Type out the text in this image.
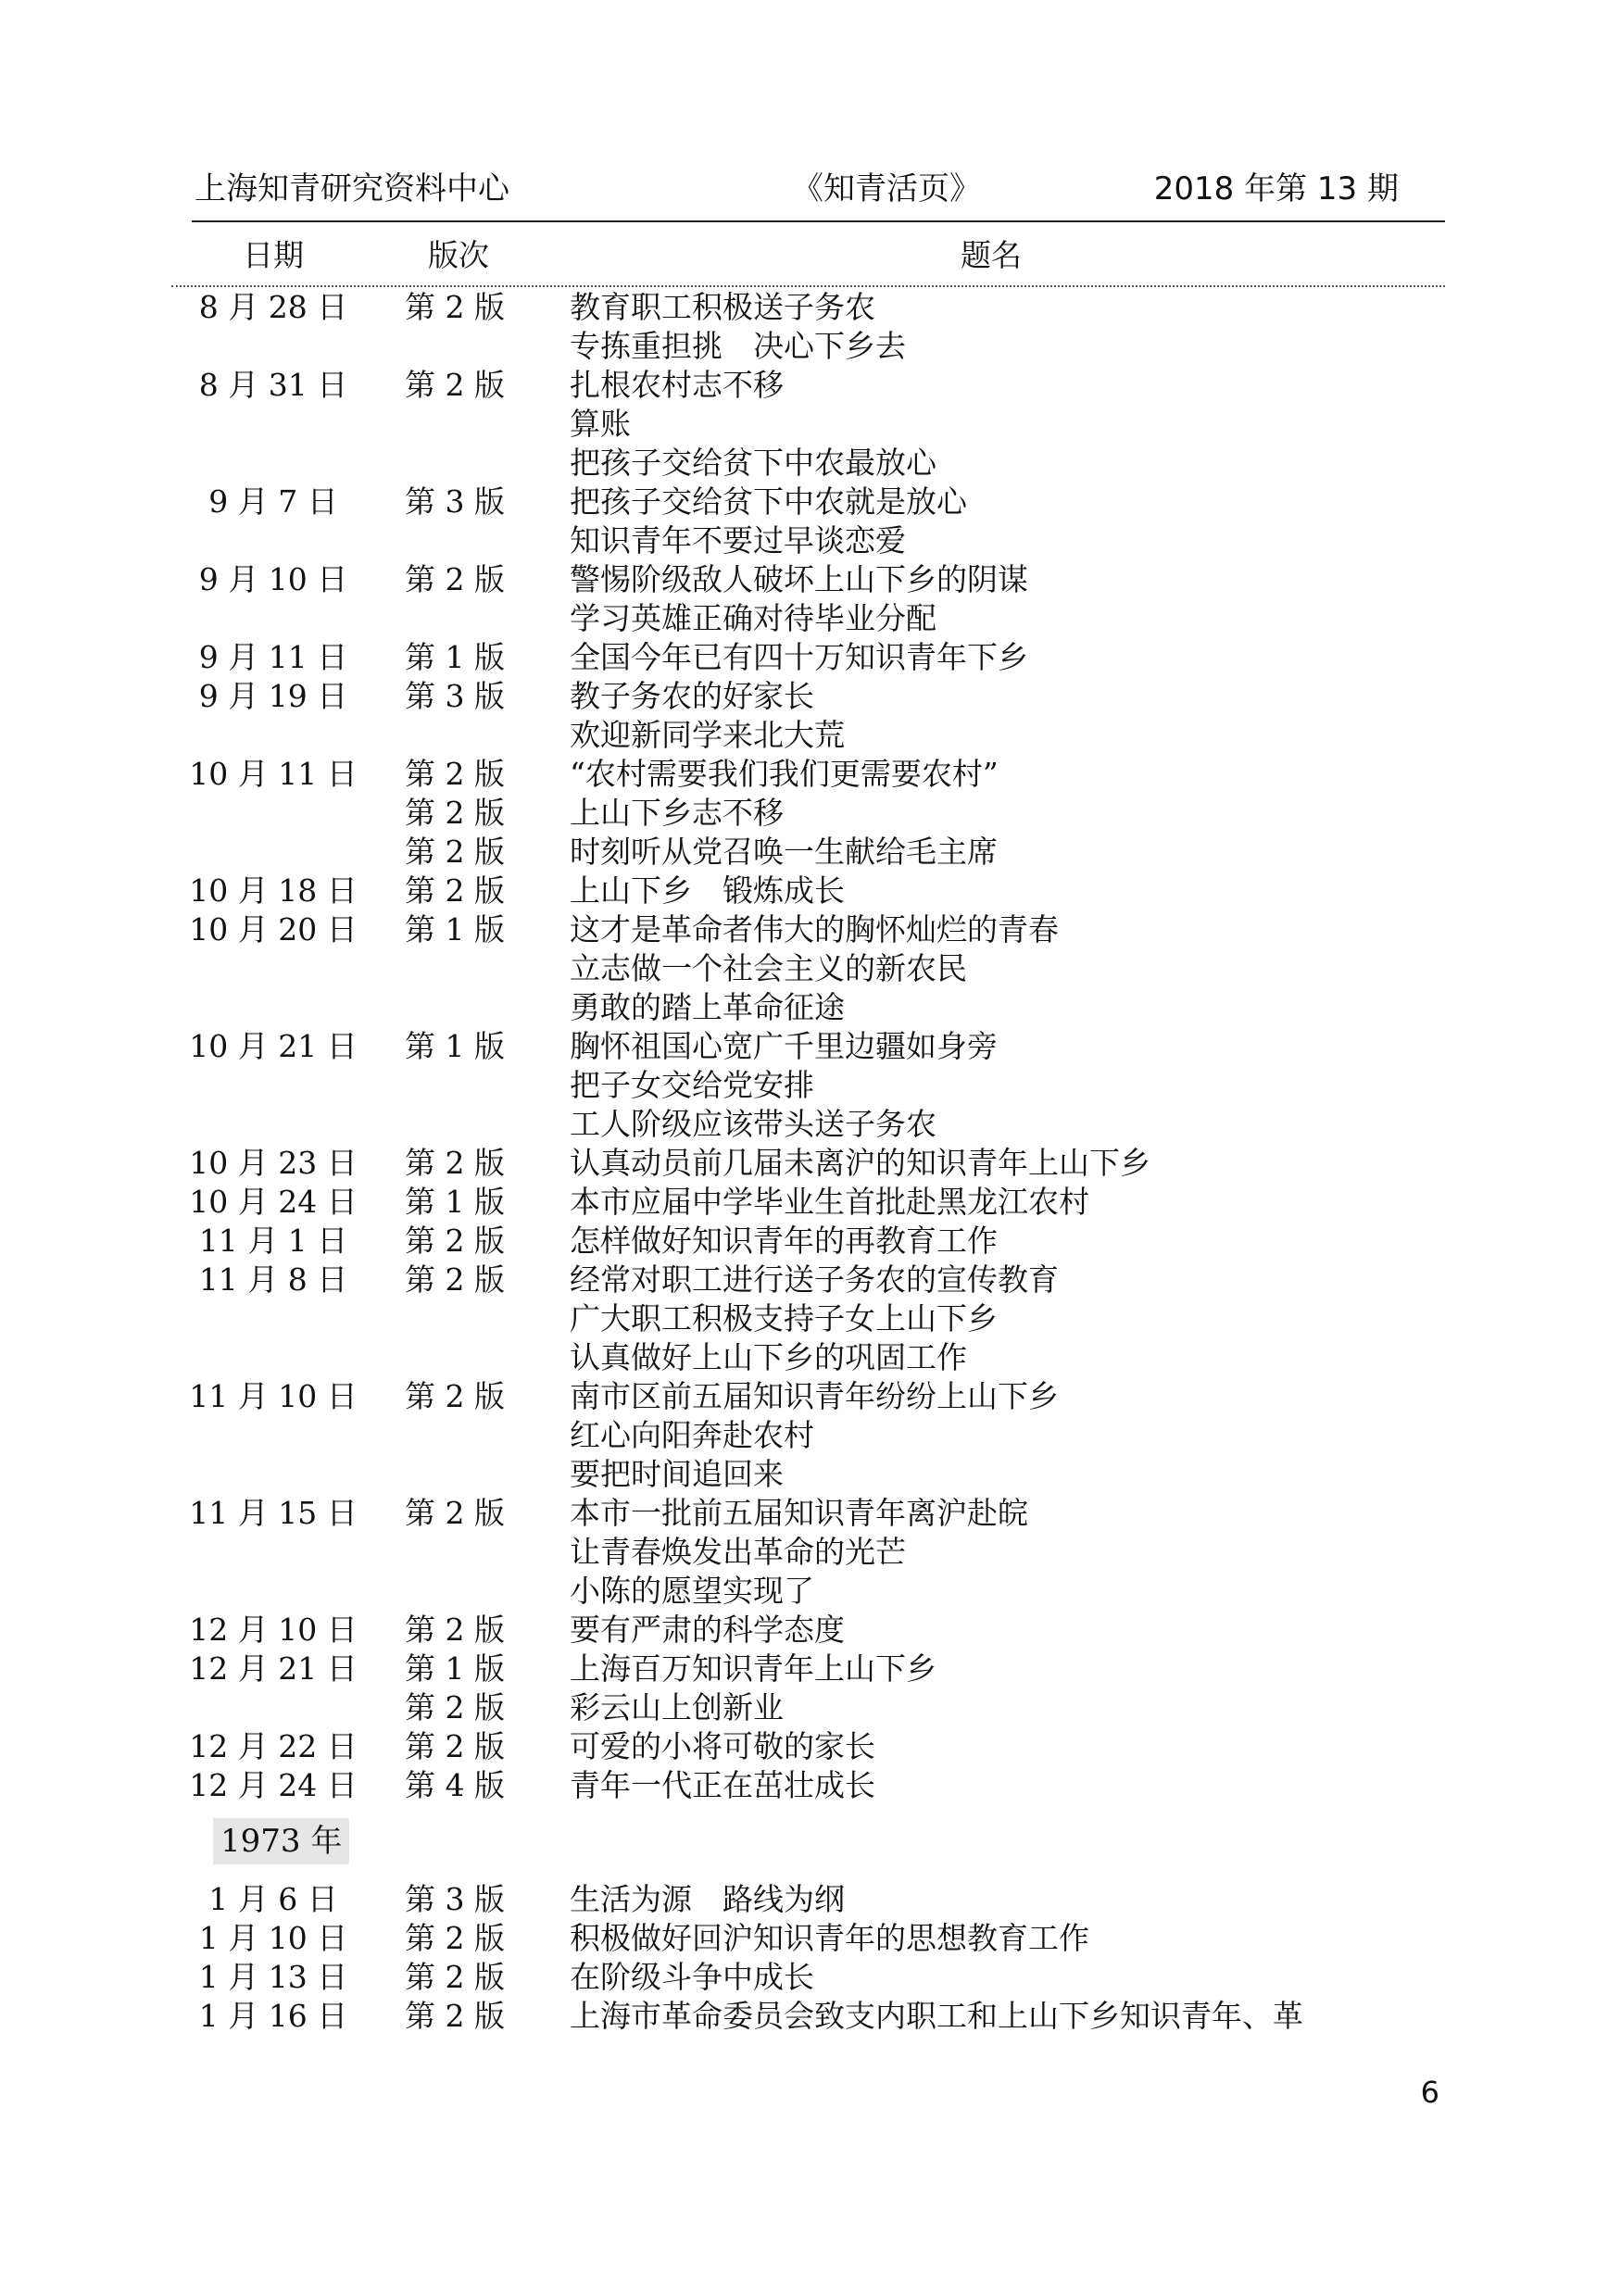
上海知青研究资料中心	《知青活页》	2018 年第 13 期
日期	版次	题名
8 月 28 日	第 2 版 教育职工积极送子务农
专拣重担挑　决心下乡去
8 月 31 日	第 2 版 扎根农村志不移
算账
把孩子交给贫下中农最放心
9 月 7 日	第 3 版 把孩子交给贫下中农就是放心
知识青年不要过早谈恋爱
9 月 10 日	第 2 版 警惕阶级敌人破坏上山下乡的阴谋
学习英雄正确对待毕业分配
9 月 11 日	第 1 版 全国今年已有四十万知识青年下乡
9 月 19 日	第 3 版 教子务农的好家长
欢迎新同学来北大荒
10 月 11 日 第 2 版 “农村需要我们我们更需要农村”
第 2 版 上山下乡志不移
第 2 版 时刻听从党召唤一生献给毛主席
10 月 18 日 第 2 版 上山下乡　锻炼成长
10 月 20 日 第 1 版 这才是革命者伟大的胸怀灿烂的青春
立志做一个社会主义的新农民
勇敢的踏上革命征途
10 月 21 日 第 1 版 胸怀祖国心宽广千里边疆如身旁
把子女交给党安排
工人阶级应该带头送子务农
10 月 23 日 第 2 版 认真动员前几届未离沪的知识青年上山下乡
10 月 24 日 第 1 版 本市应届中学毕业生首批赴黑龙江农村
11 月 1 日	第 2 版 怎样做好知识青年的再教育工作
11 月 8 日	第 2 版 经常对职工进行送子务农的宣传教育
广大职工积极支持子女上山下乡
认真做好上山下乡的巩固工作
11 月 10 日 第 2 版 南市区前五届知识青年纷纷上山下乡
红心向阳奔赴农村
要把时间追回来
11 月 15 日 第 2 版 本市一批前五届知识青年离沪赴皖
让青春焕发出革命的光芒
小陈的愿望实现了
12 月 10 日 第 2 版 要有严肃的科学态度
12 月 21 日 第 1 版 上海百万知识青年上山下乡
第 2 版 彩云山上创新业
12 月 22 日 第 2 版 可爱的小将可敬的家长
12 月 24 日 第 4 版 青年一代正在茁壮成长
1973 年
1 月 6 日	第 3 版 生活为源　路线为纲
1 月 10 日	第 2 版 积极做好回沪知识青年的思想教育工作
1 月 13 日	第 2 版 在阶级斗争中成长
1 月 16 日	第 2 版 上海市革命委员会致支内职工和上山下乡知识青年、革
6
